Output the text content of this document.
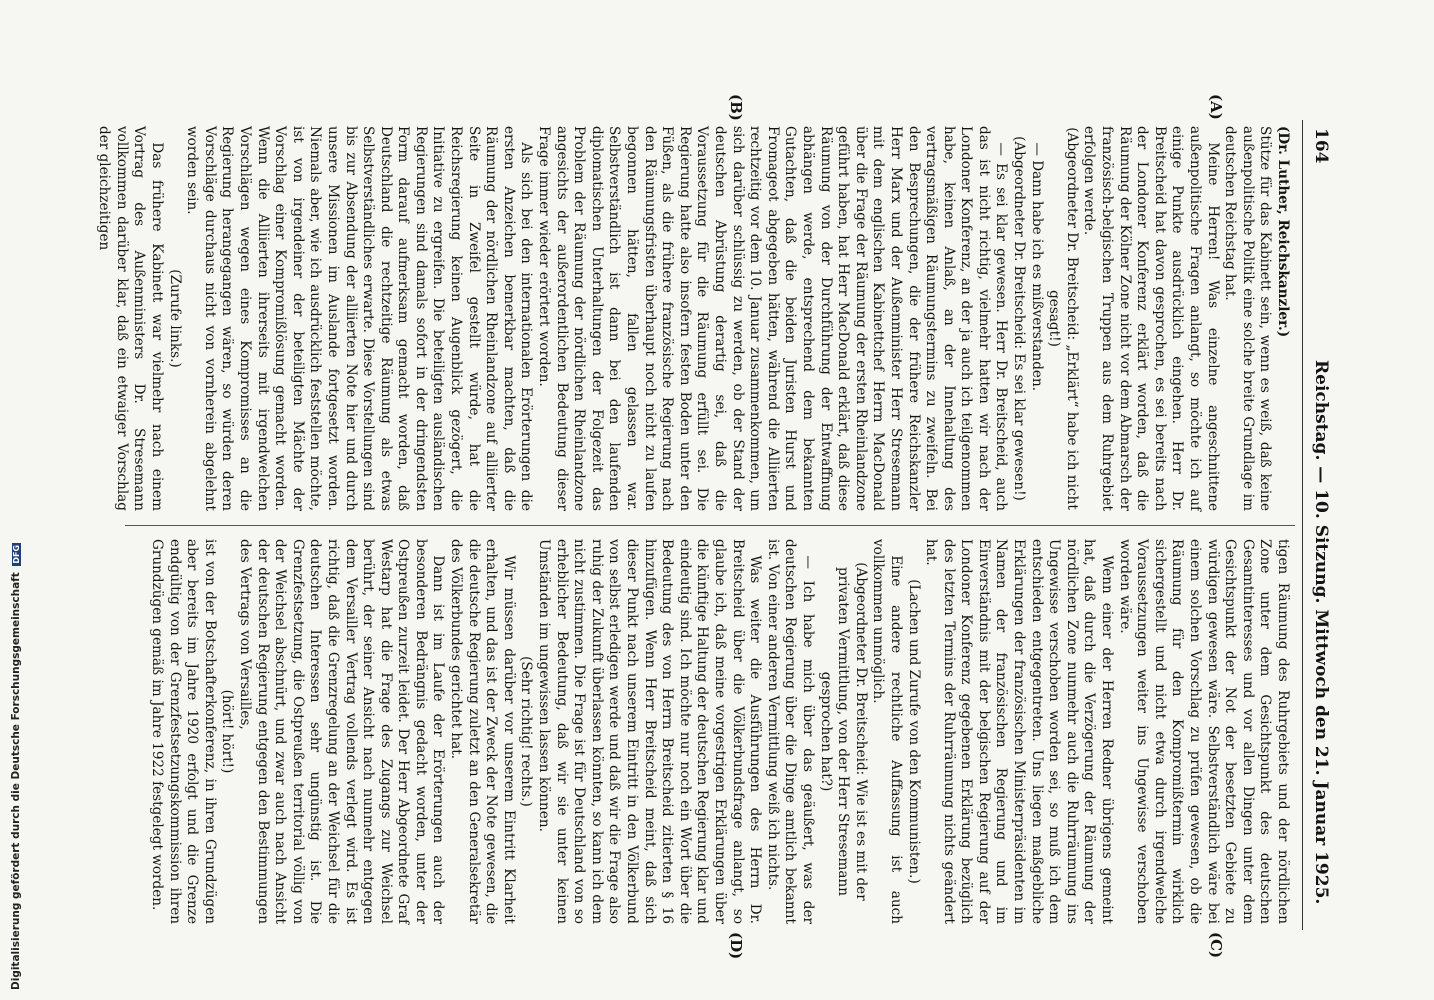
164
Reichstag. — 10. Sitzung. Mittwoch den 21. Januar 1925.
(A)
(B)
(C)
(D)

(Dr. Luther, Reichskanzler.)

Stütze für das Kabinett sein, wenn es weiß, daß keine außenpolitische Politik eine solche breite Grundlage im deutschen Reichstag hat.

Meine Herren! Was einzelne angeschnittene außenpolitische Fragen anlangt, so möchte ich auf einige Punkte ausdrücklich eingehen. Herr Dr. Breitscheid hat davon gesprochen, es sei bereits nach der Londoner Konferenz erklärt worden, daß die Räumung der Kölner Zone nicht vor dem Abmarsch der französisch-belgischen Truppen aus dem Ruhrgebiet erfolgen werde.

(Abgeordneter Dr. Breitscheid: „Erklärt“ habe ich nicht gesagt!)

— Dann habe ich es mißverstanden.

(Abgeordneter Dr. Breitscheid: Es sei klar gewesen!)

— Es sei klar gewesen. Herr Dr. Breitscheid, auch das ist nicht richtig, vielmehr hatten wir nach der Londoner Konferenz, an der ja auch ich teilgenommen habe, keinen Anlaß, an der Innehaltung des vertragsmäßigen Räumungstermins zu zweifeln. Bei den Besprechungen, die der frühere Reichskanzler Herr Marx und der Außenminister Herr Stresemann mit dem englischen Kabinettchef Herrn MacDonald über die Frage der Räumung der ersten Rheinlandzone geführt haben, hat Herr MacDonald erklärt, daß diese Räumung von der Durchführung der Entwaffnung abhängen werde, entsprechend dem bekannten Gutachten, daß die beiden Juristen Hurst und Fromageot abgegeben hätten, während die Alliierten rechtzeitig vor dem 10. Januar zusammenkommen, um sich darüber schlüssig zu werden, ob der Stand der deutschen Abrüstung derartig sei, daß die Voraussetzung für die Räumung erfüllt sei. Die Regierung hatte also insofern festen Boden unter den Füßen, als die frühere französische Regierung nach den Räumungsfristen überhaupt noch nicht zu laufen begonnen hätten, fallen gelassen war. Selbstverständlich ist dann bei den laufenden diplomatischen Unterhaltungen der Folgezeit das Problem der Räumung der nördlichen Rheinlandzone angesichts der außerordentlichen Bedeutung dieser Frage immer wieder erörtert worden.

Als sich bei den internationalen Erörterungen die ersten Anzeichen bemerkbar machten, daß die Räumung der nördlichen Rheinlandzone auf alliierter Seite in Zweifel gestellt würde, hat die Reichsregierung keinen Augenblick gezögert, die Initiative zu ergreifen. Die beteiligten ausländischen Regierungen sind damals sofort in der dringendsten Form darauf aufmerksam gemacht worden, daß Deutschland die rechtzeitige Räumung als etwas Selbstverständliches erwarte. Diese Vorstellungen sind bis zur Absendung der alliierten Note hier und durch unsere Missionen im Auslande fortgesetzt worden. Niemals aber, wie ich ausdrücklich feststellen möchte, ist von irgendeiner der beteiligten Mächte der Vorschlag einer Kompromißlösung gemacht worden. Wenn die Alliierten ihrerseits mit irgendwelchen Vorschlägen wegen eines Kompromisses an die Regierung herangegangen wären, so würden deren Vorschläge durchaus nicht von vornherein abgelehnt worden sein.

(Zurufe links.)

Das frühere Kabinett war vielmehr nach einem Vortrag des Außenministers Dr. Stresemann vollkommen darüber klar, daß ein etwaiger Vorschlag der gleichzeitigen

tigen Räumung des Ruhrgebiets und der nördlichen Zone unter dem Gesichtspunkt des deutschen Gesamtinteresses und vor allen Dingen unter dem Gesichtspunkt der Not der besetzten Gebiete zu würdigen gewesen wäre. Selbstverständlich wäre bei einem solchen Vorschlag zu prüfen gewesen, ob die Räumung für den Kompromißtermin wirklich sichergestellt und nicht etwa durch irgendwelche Voraussetzungen weiter ins Ungewisse verschoben worden wäre.

Wenn einer der Herren Redner übrigens gemeint hat, daß durch die Verzögerung der Räumung der nördlichen Zone nunmehr auch die Ruhrräumung ins Ungewisse verschoben worden sei, so muß ich dem entschieden entgegentreten. Uns liegen maßgebliche Erklärungen der französischen Ministerpräsidenten im Namen der französischen Regierung und im Einverständnis mit der belgischen Regierung auf der Londoner Konferenz gegebenen Erklärung bezüglich des letzten Termins der Ruhrräumung nichts geändert hat.

(Lachen und Zurufe von den Kommunisten.)

Eine andere rechtliche Auffassung ist auch vollkommen unmöglich.

(Abgeordneter Dr. Breitscheid: Wie ist es mit der privaten Vermittlung, von der Herr Stresemann gesprochen hat?)

— Ich habe mich über das geäußert, was der deutschen Regierung über die Dinge amtlich bekannt ist. Von einer anderen Vermittlung weiß ich nichts.

Was weiter die Ausführungen des Herrn Dr. Breitscheid über die Völkerbundsfrage anlangt, so glaube ich, daß meine vorgestrigen Erklärungen über die künftige Haltung der deutschen Regierung klar und eindeutig sind. Ich möchte nur noch ein Wort über die Bedeutung des von Herrn Breitscheid zitierten § 16 hinzufügen. Wenn Herr Breitscheid meint, daß sich dieser Punkt nach unserem Eintritt in den Völkerbund von selbst erledigen werde und daß wir die Frage also ruhig der Zukunft überlassen könnten, so kann ich dem nicht zustimmen. Die Frage ist für Deutschland von so erheblicher Bedeutung, daß wir sie unter keinen Umständen im ungewissen lassen können.

(Sehr richtig! rechts.)

Wir müssen darüber vor unserem Eintritt Klarheit erhalten, und das ist der Zweck der Note gewesen, die die deutsche Regierung zuletzt an den Generalsekretär des Völkerbundes gerichtet hat.

Dann ist im Laufe der Erörterungen auch der besonderen Bedrängnis gedacht worden, unter der Ostpreußen zurzeit leidet. Der Herr Abgeordnete Graf Westarp hat die Frage des Zugangs zur Weichsel berührt, der seiner Ansicht nach nunmehr entgegen dem Versailler Vertrag vollends verlegt wird. Es ist richtig, daß die Grenzregelung an der Weichsel für die deutschen Interessen sehr ungünstig ist. Die Grenzfestsetzung, die Ostpreußen territorial völlig von der Weichsel abschnürt, und zwar auch nach Ansicht der deutschen Regierung entgegen den Bestimmungen des Vertrags von Versailles,

(hört! hört!)

ist von der Botschafterkonferenz, in ihren Grundzügen aber bereits im Jahre 1920 erfolgt und die Grenze endgültig von der Grenzfestsetzungskommission ihren Grundzügen gemäß im Jahre 1922 festgelegt worden.

Digitalisierung gefördert durch die Deutsche Forschungsgemeinschaft DFG
